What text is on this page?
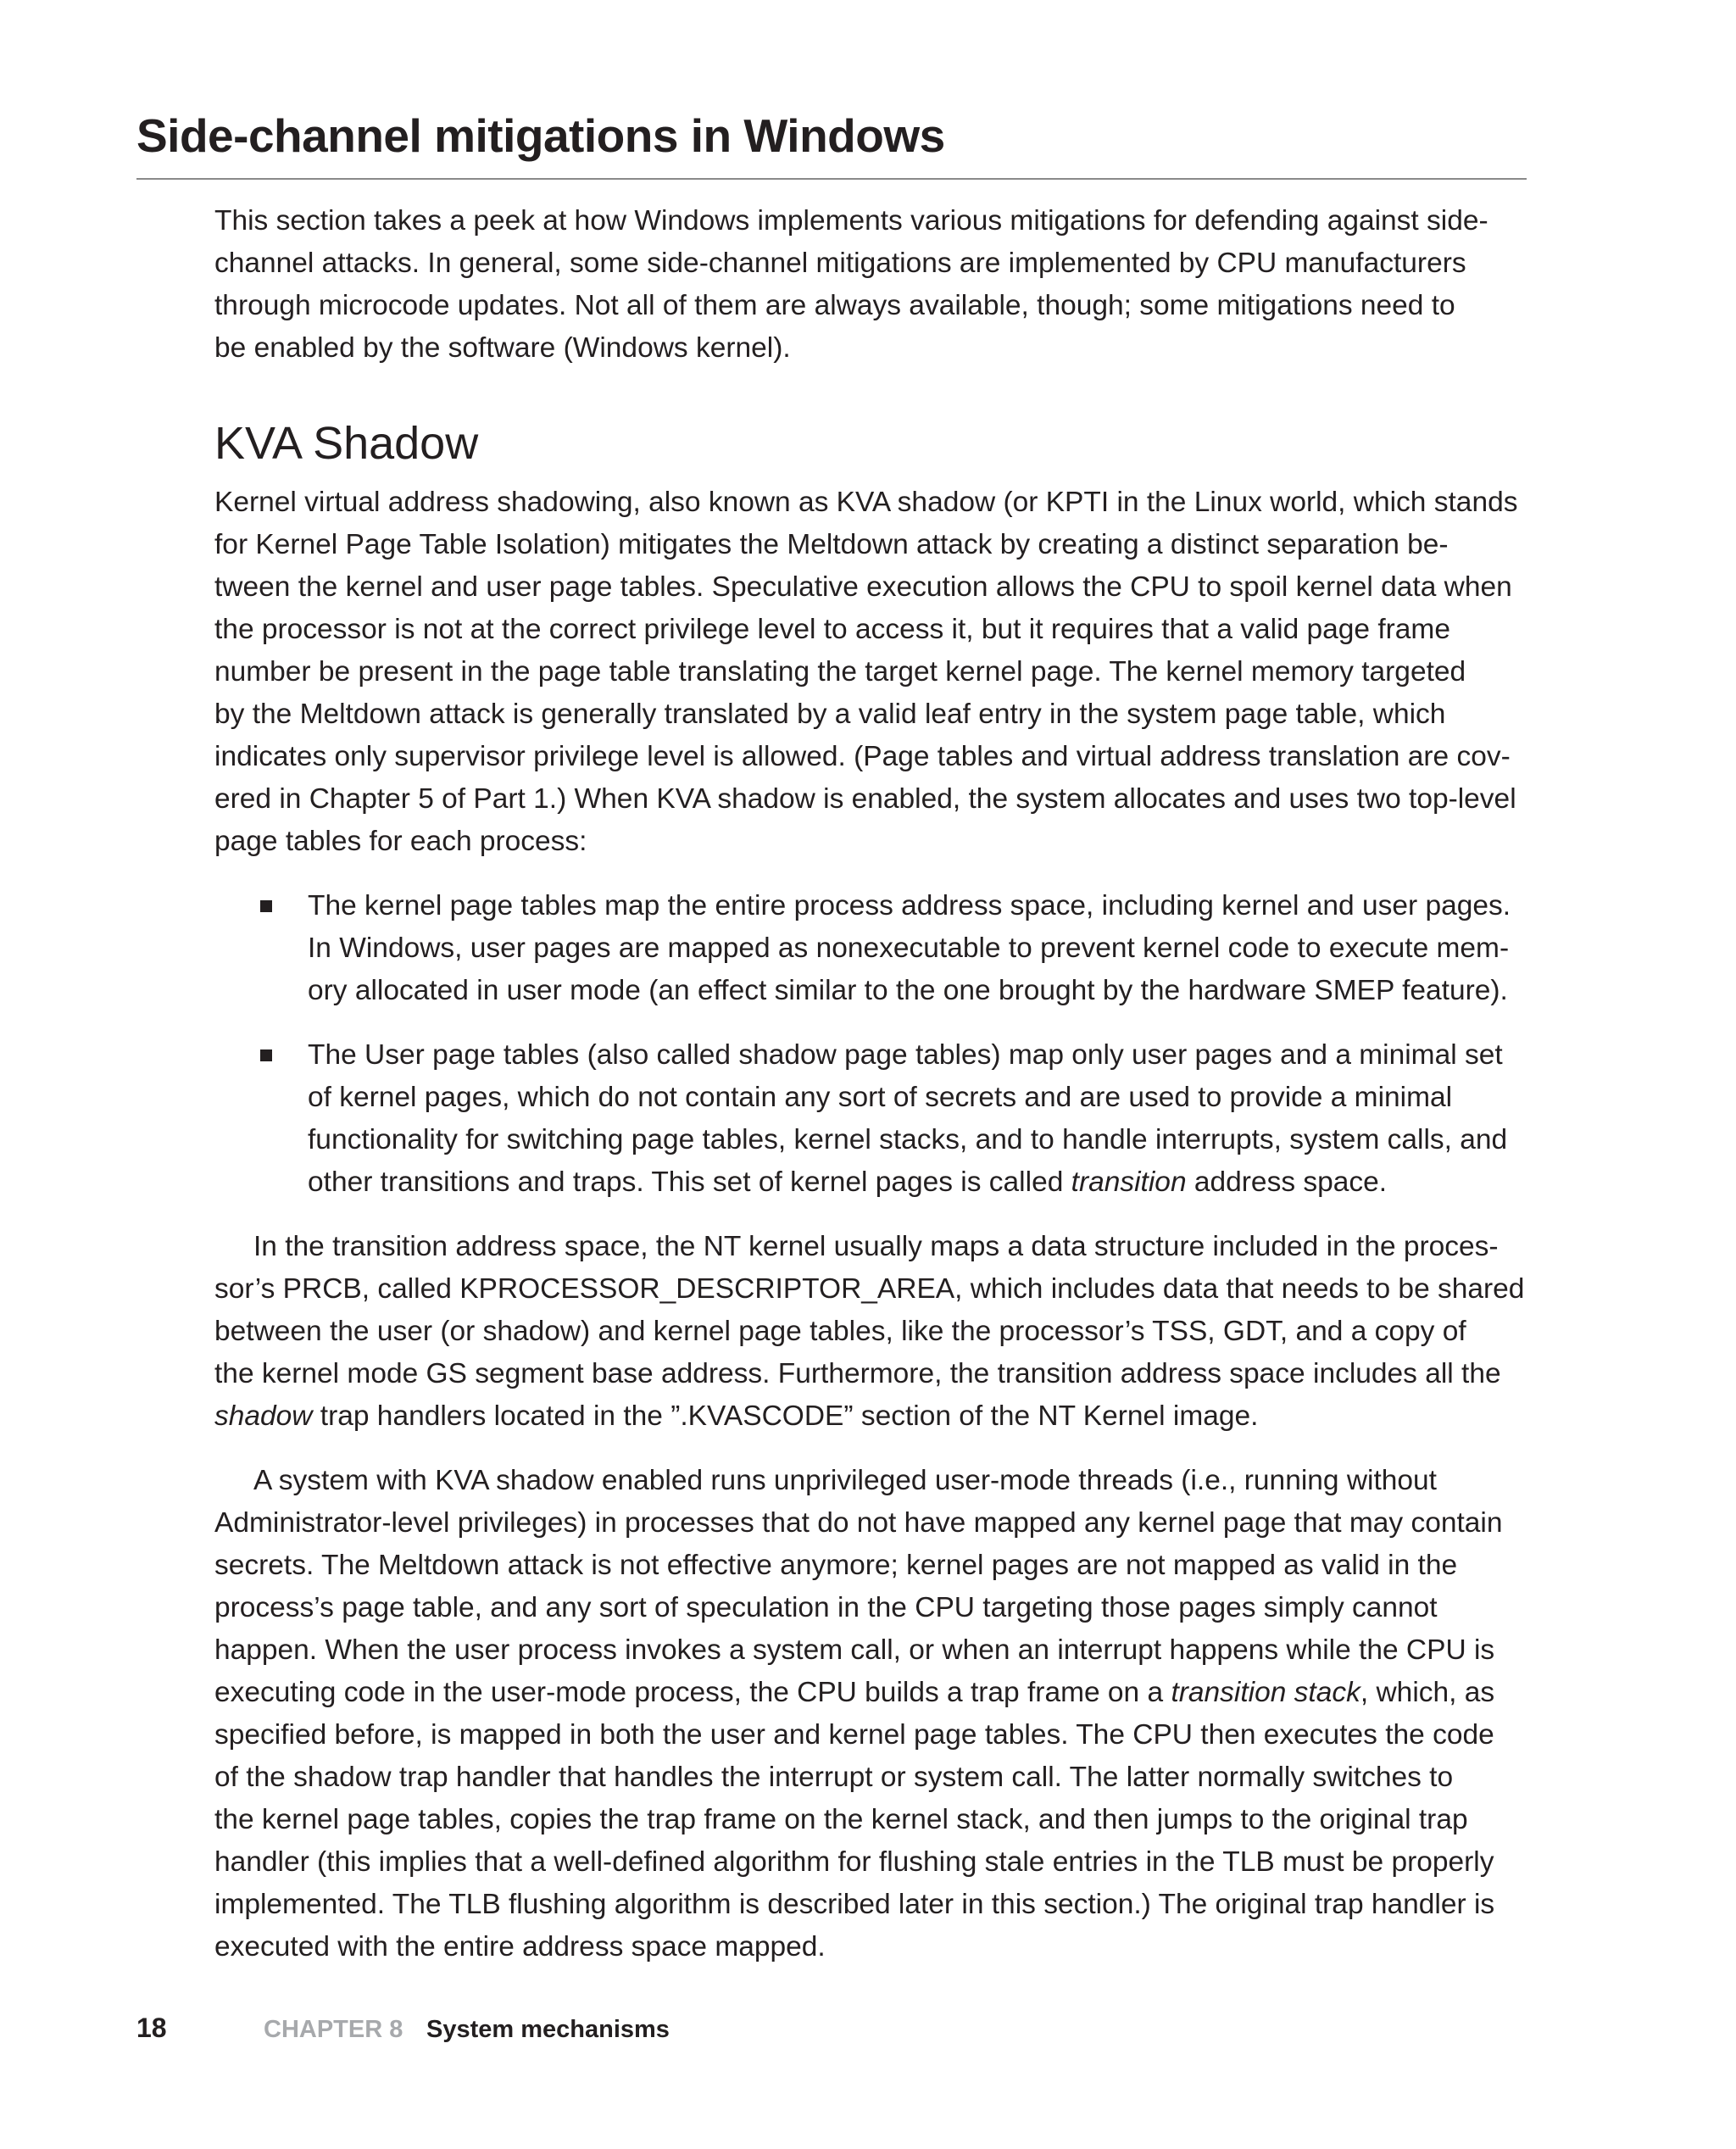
Side-channel mitigations in Windows

This section takes a peek at how Windows implements various mitigations for defending against side-
channel attacks. In general, some side-channel mitigations are implemented by CPU manufacturers
through microcode updates. Not all of them are always available, though; some mitigations need to
be enabled by the software (Windows kernel).

KVA Shadow

Kernel virtual address shadowing, also known as KVA shadow (or KPTI in the Linux world, which stands
for Kernel Page Table Isolation) mitigates the Meltdown attack by creating a distinct separation be-
tween the kernel and user page tables. Speculative execution allows the CPU to spoil kernel data when
the processor is not at the correct privilege level to access it, but it requires that a valid page frame
number be present in the page table translating the target kernel page. The kernel memory targeted
by the Meltdown attack is generally translated by a valid leaf entry in the system page table, which
indicates only supervisor privilege level is allowed. (Page tables and virtual address translation are cov-
ered in Chapter 5 of Part 1.) When KVA shadow is enabled, the system allocates and uses two top-level
page tables for each process:

The kernel page tables map the entire process address space, including kernel and user pages.
In Windows, user pages are mapped as nonexecutable to prevent kernel code to execute mem-
ory allocated in user mode (an effect similar to the one brought by the hardware SMEP feature).
The User page tables (also called shadow page tables) map only user pages and a minimal set
of kernel pages, which do not contain any sort of secrets and are used to provide a minimal
functionality for switching page tables, kernel stacks, and to handle interrupts, system calls, and
other transitions and traps. This set of kernel pages is called transition address space.

In the transition address space, the NT kernel usually maps a data structure included in the proces-
sor’s PRCB, called KPROCESSOR_DESCRIPTOR_AREA, which includes data that needs to be shared
between the user (or shadow) and kernel page tables, like the processor’s TSS, GDT, and a copy of
the kernel mode GS segment base address. Furthermore, the transition address space includes all the
shadow trap handlers located in the ”.KVASCODE” section of the NT Kernel image.

A system with KVA shadow enabled runs unprivileged user-mode threads (i.e., running without
Administrator-level privileges) in processes that do not have mapped any kernel page that may contain
secrets. The Meltdown attack is not effective anymore; kernel pages are not mapped as valid in the
process’s page table, and any sort of speculation in the CPU targeting those pages simply cannot
happen. When the user process invokes a system call, or when an interrupt happens while the CPU is
executing code in the user-mode process, the CPU builds a trap frame on a transition stack, which, as
specified before, is mapped in both the user and kernel page tables. The CPU then executes the code
of the shadow trap handler that handles the interrupt or system call. The latter normally switches to
the kernel page tables, copies the trap frame on the kernel stack, and then jumps to the original trap
handler (this implies that a well-defined algorithm for flushing stale entries in the TLB must be properly
implemented. The TLB flushing algorithm is described later in this section.) The original trap handler is
executed with the entire address space mapped.

18	CHAPTER 8 System mechanisms
